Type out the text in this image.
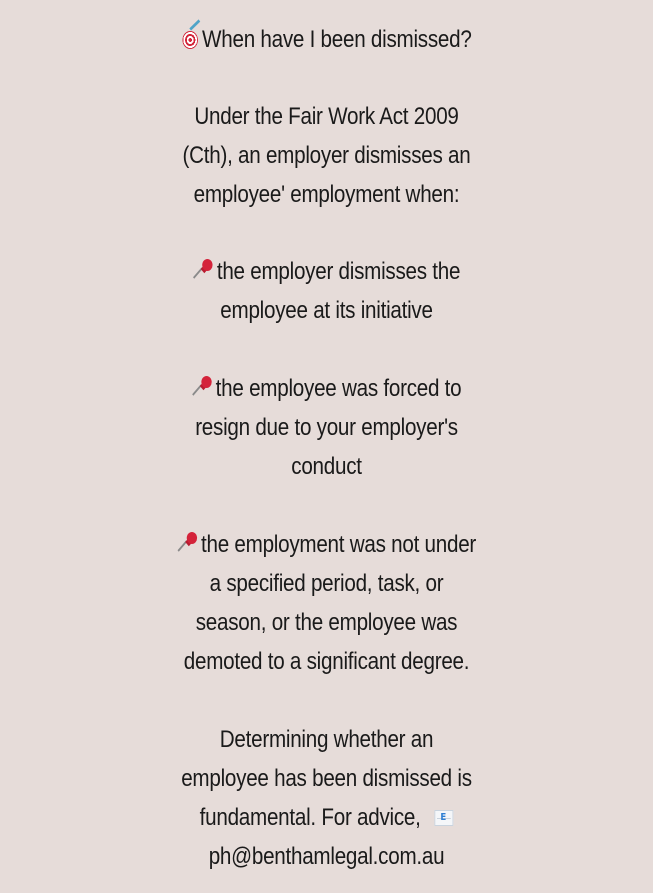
When have I been dismissed?
Under the Fair Work Act 2009
(Cth), an employer dismisses an
employee' employment when:
the employer dismisses the
employee at its initiative
the employee was forced to
resign due to your employer's
conduct
the employment was not under
a specified period, task, or
season, or the employee was
demoted to a significant degree.
Determining whether an
employee has been dismissed is
fundamental. For advice, E
ph@benthamlegal.com.au
